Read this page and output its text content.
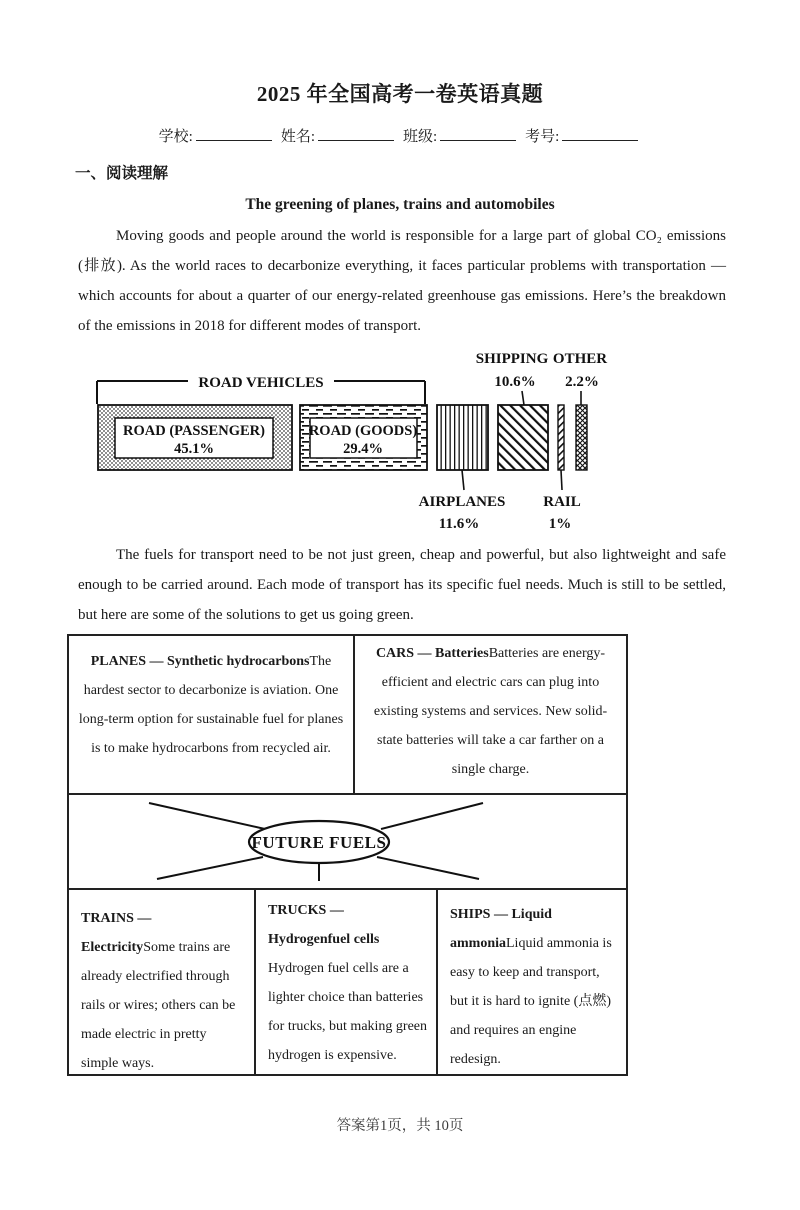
2025 年全国高考一卷英语真题
学校:	姓名:	班级:	考号:
一、阅读理解
The greening of planes, trains and automobiles

Moving goods and people around the world is responsible for a large part of global CO₂ emissions (排放). As the world races to decarbonize everything, it faces particular problems with transportation — which accounts for about a quarter of our energy-related greenhouse gas emissions. Here’s the breakdown of the emissions in 2018 for different modes of transport.

ROAD VEHICLES
SHIPPING OTHER
10.6% 2.2%
ROAD (PASSENGER)
45.1%
ROAD (GOODS)
29.4%
AIRPLANES
11.6%
RAIL
1%

The fuels for transport need to be not just green, cheap and powerful, but also lightweight and safe enough to be carried around. Each mode of transport has its specific fuel needs. Much is still to be settled, but here are some of the solutions to get us going green.

PLANES — Synthetic hydrocarbonsThe hardest sector to decarbonize is aviation. One long-term option for sustainable fuel for planes is to make hydrocarbons from recycled air.

CARS — BatteriesBatteries are energy-efficient and electric cars can plug into existing systems and services. New solid-state batteries will take a car farther on a single charge.

FUTURE FUELS

TRAINS — ElectricitySome trains are already electrified through rails or wires; others can be made electric in pretty simple ways.

TRUCKS — Hydrogenfuel cells

Hydrogen fuel cells are a lighter choice than batteries for trucks, but making green hydrogen is expensive.

SHIPS — Liquid ammoniaLiquid ammonia is easy to keep and transport, but it is hard to ignite (点燃) and requires an engine redesign.

答案第1页，共 10页
